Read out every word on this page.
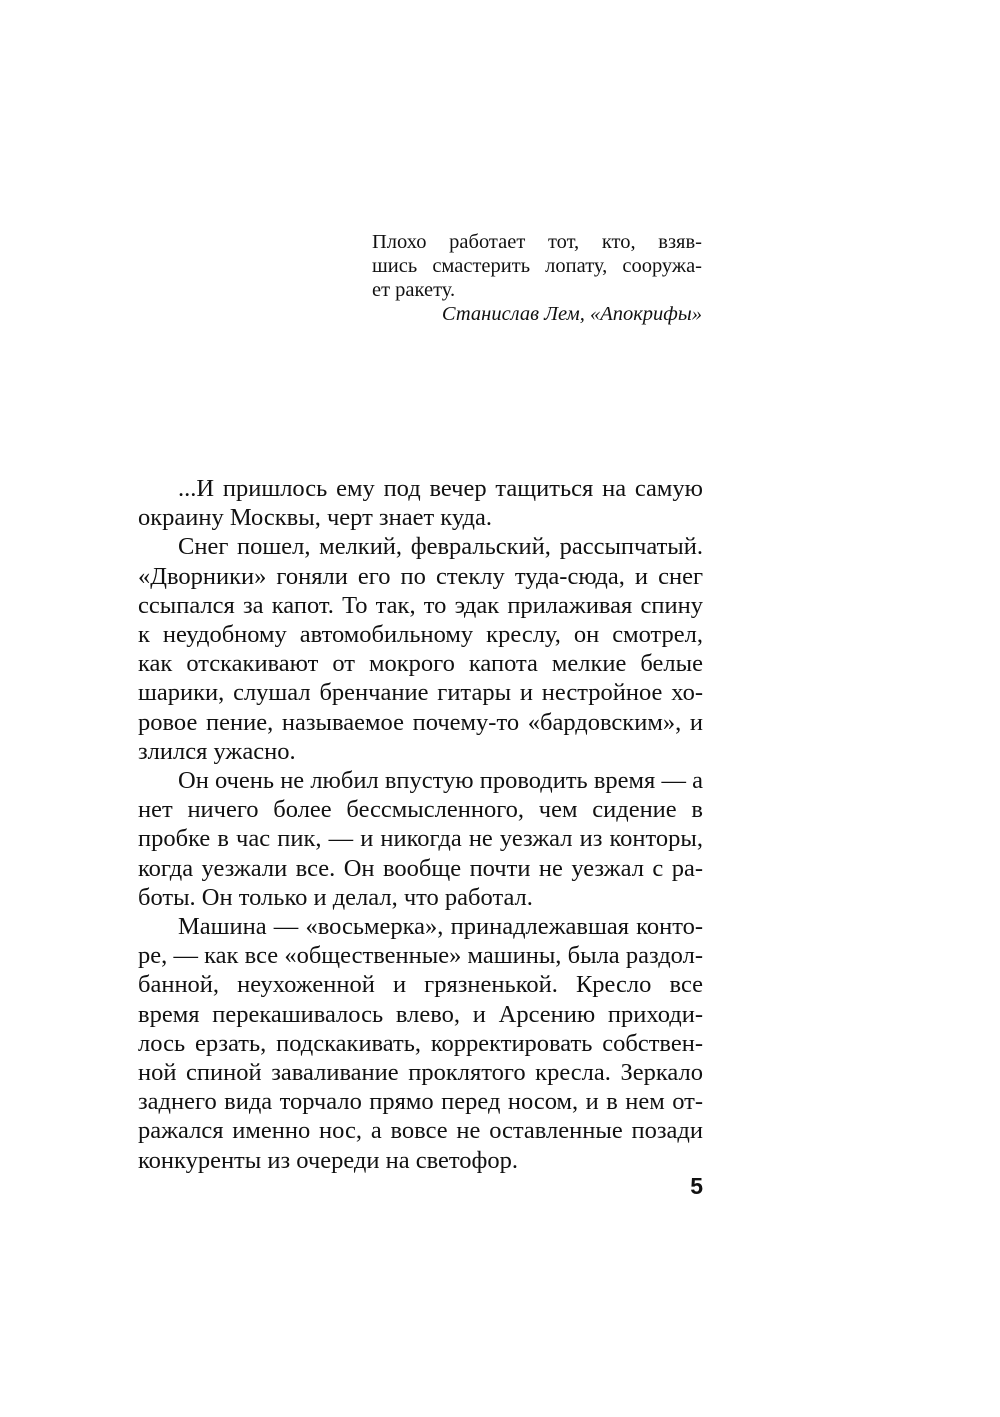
Плохо работает тот, кто, взяв-
шись смастерить лопату, сооружа-
ет ракету.
Станислав Лем, «Апокрифы»
...И пришлось ему под вечер тащиться на самую
окраину Москвы, черт знает куда.
Снег пошел, мелкий, февральский, рассыпчатый.
«Дворники» гоняли его по стеклу туда-сюда, и снег
ссыпался за капот. То так, то эдак прилаживая спину
к неудобному автомобильному креслу, он смотрел,
как отскакивают от мокрого капота мелкие белые
шарики, слушал бренчание гитары и нестройное хо-
ровое пение, называемое почему-то «бардовским», и
злился ужасно.
Он очень не любил впустую проводить время — а
нет ничего более бессмысленного, чем сидение в
пробке в час пик, — и никогда не уезжал из конторы,
когда уезжали все. Он вообще почти не уезжал с ра-
боты. Он только и делал, что работал.
Машина — «восьмерка», принадлежавшая конто-
ре, — как все «общественные» машины, была раздол-
банной, неухоженной и грязненькой. Кресло все
время перекашивалось влево, и Арсению приходи-
лось ерзать, подскакивать, корректировать собствен-
ной спиной заваливание проклятого кресла. Зеркало
заднего вида торчало прямо перед носом, и в нем от-
ражался именно нос, а вовсе не оставленные позади
конкуренты из очереди на светофор.
5
